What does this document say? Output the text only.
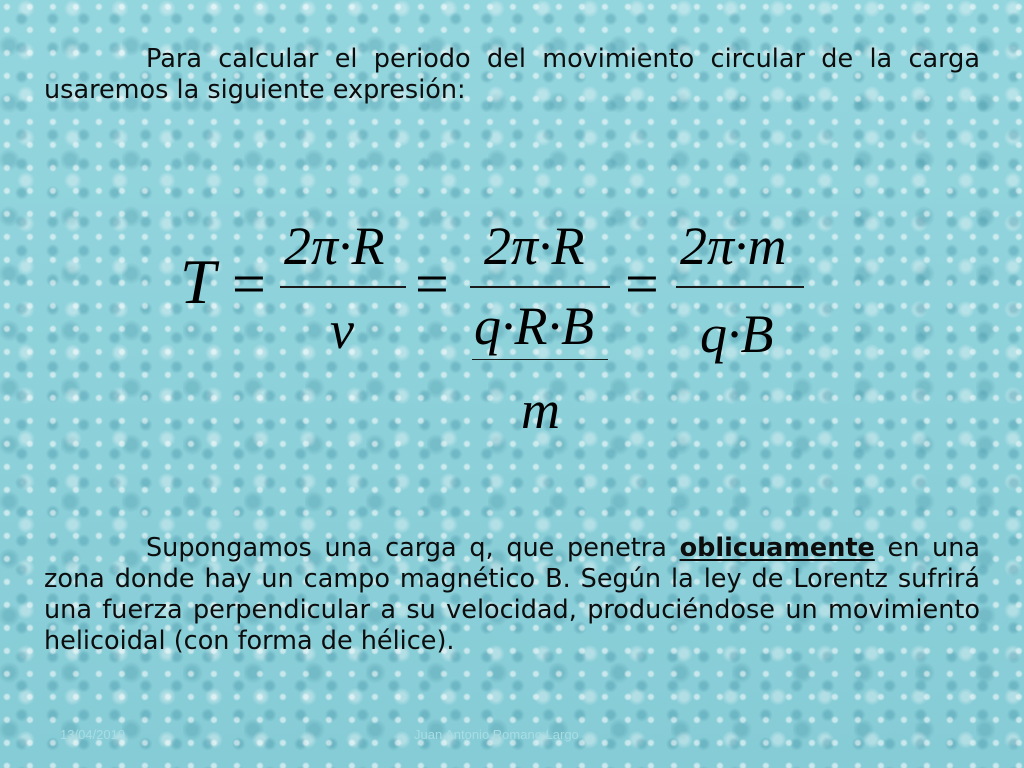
Para calcular el periodo del movimiento circular de la carga usaremos la siguiente expresión:

T =
2π·R
v
=
2π·R
q·R·B
m
=
2π·m
q·B

Supongamos una carga q, que penetra oblicuamente en una zona donde hay un campo magnético B. Según la ley de Lorentz sufrirá una fuerza perpendicular a su velocidad, produciéndose un movimiento helicoidal (con forma de hélice).

13/04/2019	Juan Antonio Romano Largo
